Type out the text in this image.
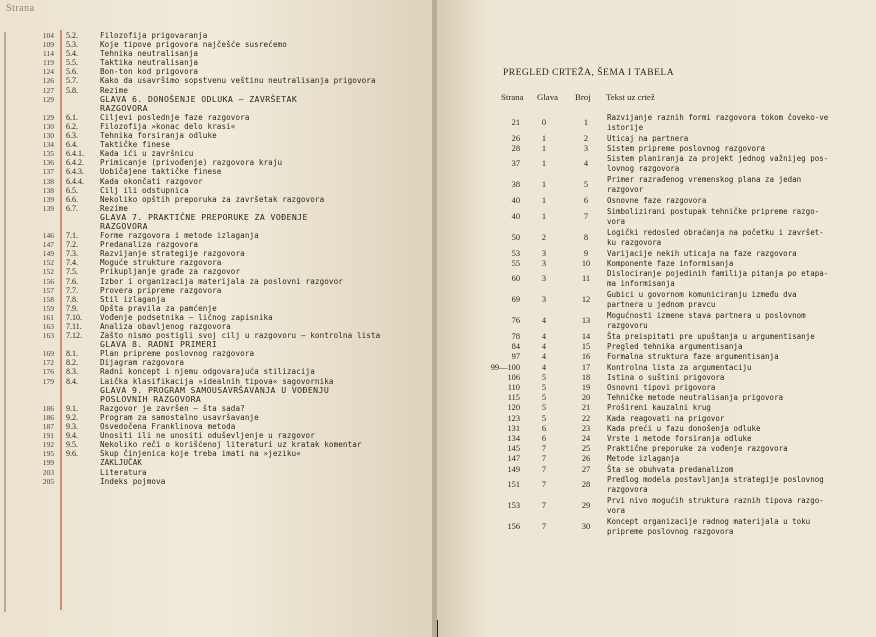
Strana
104 5.2.	Filozofija prigovaranja
109 5.3.	Koje tipove prigovora najčešće susrećemo
114 5.4.	Tehnika neutralisanja
119 5.5.	Taktika neutralisanja
124 5.6.	Bon-ton kod prigovora
126 5.7.	Kako da usavršimo sopstvenu veštinu neutralisanja prigovora
127 5.8.	Rezime
129	GLAVA 6. DONOŠENJE ODLUKA — ZAVRŠETAK
RAZGOVORA
129 6.1.	Ciljevi poslednje faze razgovora
130 6.2.	Filozofija »konac delo krasi«
130 6.3.	Tehnika forsiranja odluke
134 6.4.	Taktičke finese
135 6.4.1. Kada ići u završnicu
136 6.4.2. Primicanje (privođenje) razgovora kraju
137 6.4.3. Uobičajene taktičke finese
138 6.4.4. Kada okončati razgovor
138 6.5.	Cilj ili odstupnica
139 6.6.	Nekoliko opštih preporuka za završetak razgovora
139 6.7.	Rezime
GLAVA 7. PRAKTIČNE PREPORUKE ZA VOĐENJE
RAZGOVORA
146 7.1.	Forme razgovora i metode izlaganja
147 7.2.	Predanaliza razgovora
149 7.3.	Razvijanje strategije razgovora
152 7.4.	Moguće strukture razgovora
152 7.5.	Prikupljanje građe za razgovor
156 7.6.	Izbor i organizacija materijala za poslovni razgovor
157 7.7.	Provera pripreme razgovora
158 7.8.	Stil izlaganja
159 7.9.	Opšta pravila za pamćenje
161 7.10. Vođenje podsetnika — ličnog zapisnika
163 7.11. Analiza obavljenog razgovora
163 7.12. Zašto nismo postigli svoj cilj u razgovoru — kontrolna lista
GLAVA 8. RADNI PRIMERI
169 8.1.	Plan pripreme poslovnog razgovora
172 8.2.	Dijagram razgovora
176 8.3.	Radni koncept i njemu odgovarajuća stilizacija
179 8.4.	Laička klasifikacija »idealnih tipova« sagovornika
GLAVA 9. PROGRAM SAMOUSAVRŠAVANJA U VOĐENJU
POSLOVNIH RAZGOVORA
186 9.1.	Razgovor je završen — šta sada?
186 9.2.	Program za samostalno usavršavanje
187 9.3.	Osvedočena Franklinova metoda
191 9.4.	Unositi ili ne unositi oduševljenje u razgovor
192 9.5.	Nekoliko reči o korišćenoj literaturi uz kratak komentar
195 9.6.	Skup činjenica koje treba imati na »jeziku«
199	ZAKLJUČAK
203	Literatura
205	Indeks pojmova
PREGLED CRTEŽA, ŠEMA I TABELA
Strana Glava Broj Tekst uz crtež
21	0	1
Razvijanje raznih formi razgovora tokom čoveko-ve istorije
26	1	2	Uticaj na partnera
28	1	3	Sistem pripreme poslovnog razgovora
37	1	4
Sistem planiranja za projekt jednog važnijeg pos-lovnog razgovora
38	1	5
Primer razrađenog vremenskog plana za jedan razgovor
40	1	6	Osnovne faze razgovora
40	1	7
Simbolizirani postupak tehničke pripreme razgo-vora
50	2	8
Logički redosled obraćanja na početku i završet-ku razgovora
53	3	9	Varijacije nekih uticaja na faze razgovora
55	3	10	Komponente faze informisanja
60	3	11
Dislociranje pojedinih familija pitanja po etapa-ma informisanja
69	3	12
Gubici u govornom komuniciranju između dva partnera u jednom pravcu
76	4	13
Mogućnosti izmene stava partnera u poslovnom razgovoru
78	4	14	Šta preispitati pre upuštanja u argumentisanje
84	4	15	Pregled tehnika argumentisanja
97	4	16	Formalna struktura faze argumentisanja
99—100	4	17	Kontrolna lista za argumentaciju
106	5	18	Istina o suštini prigovora
110	5	19	Osnovni tipovi prigovora
115	5	20	Tehničke metode neutralisanja prigovora
120	5	21	Prošireni kauzalni krug
123	5	22	Kada reagovati na prigovor
131	6	23	Kada preći u fazu donošenja odluke
134	6	24	Vrste i metode forsiranja odluke
145	7	25	Praktične preporuke za vođenje razgovora
147	7	26	Metode izlaganja
149	7	27	Šta se obuhvata predanalizom
151	7	28
Predlog modela postavljanja strategije poslovnog razgovora
153	7	29
Prvi nivo mogućih struktura raznih tipova razgo-vora
156	7	30
Koncept organizacije radnog materijala u toku pripreme poslovnog razgovora
